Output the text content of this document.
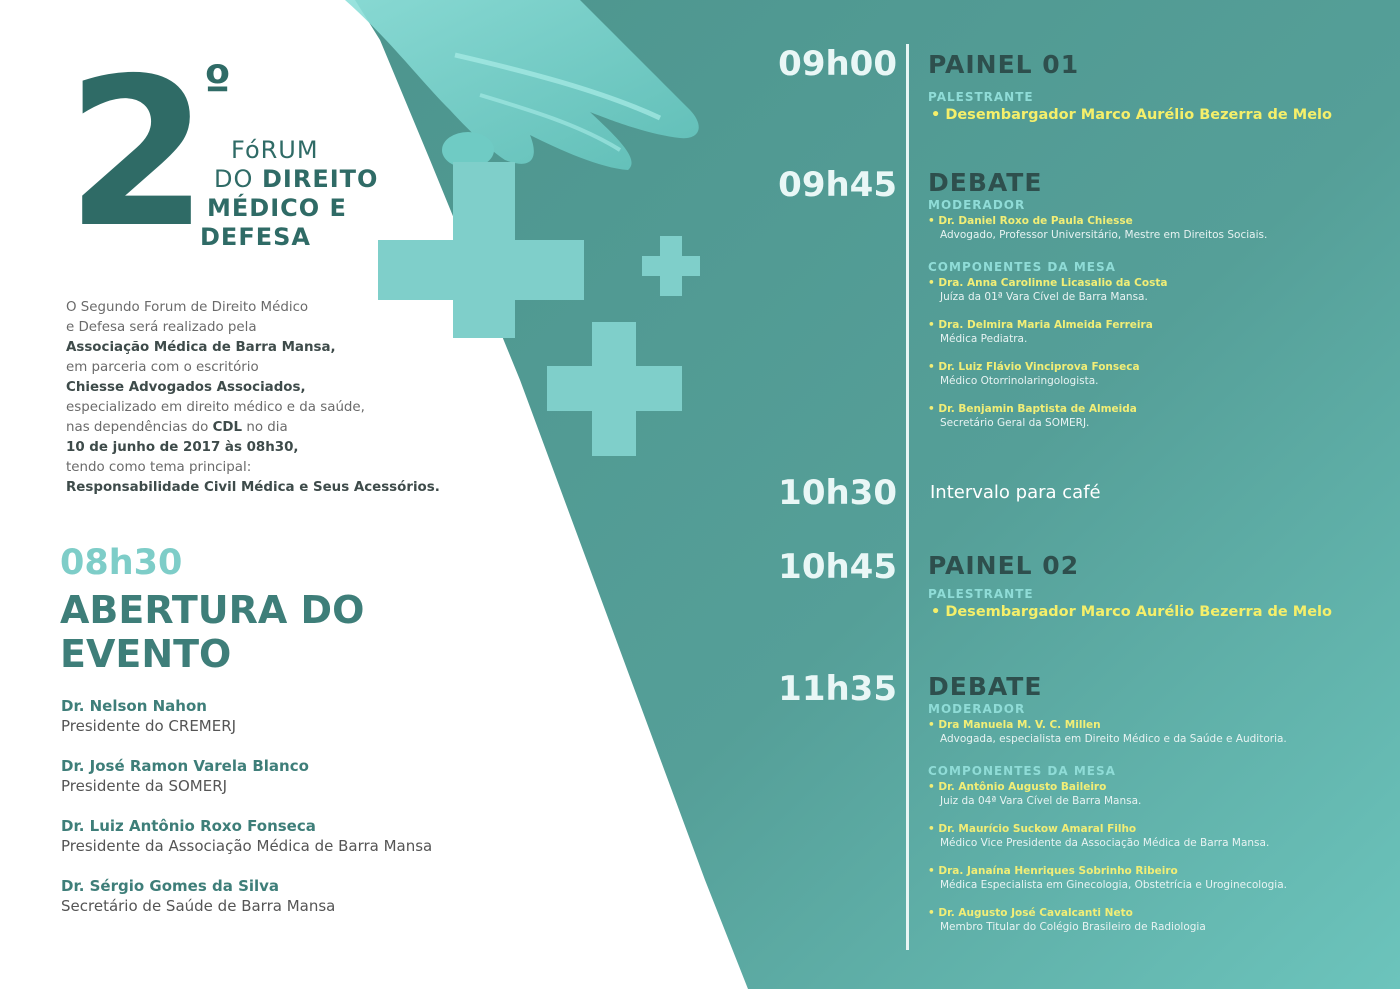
2 º
FóRUM
DO DIREITO
MÉDICO E
DEFESA
O Segundo Forum de Direito Médico
e Defesa será realizado pela
Associação Médica de Barra Mansa,
em parceria com o escritório
Chiesse Advogados Associados,
especializado em direito médico e da saúde,
nas dependências do CDL no dia
10 de junho de 2017 às 08h30,
tendo como tema principal:
Responsabilidade Civil Médica e Seus Acessórios.
08h30
ABERTURA DO
EVENTO
Dr. Nelson Nahon
Presidente do CREMERJ
Dr. José Ramon Varela Blanco
Presidente da SOMERJ
Dr. Luiz Antônio Roxo Fonseca
Presidente da Associação Médica de Barra Mansa
Dr. Sérgio Gomes da Silva
Secretário de Saúde de Barra Mansa
09h00 PAINEL 01
PALESTRANTE
• Desembargador Marco Aurélio Bezerra de Melo
09h45 DEBATE
MODERADOR
• Dr. Daniel Roxo de Paula Chiesse
Advogado, Professor Universitário, Mestre em Direitos Sociais.
COMPONENTES DA MESA
• Dra. Anna Carolinne Licasalio da Costa
Juíza da 01ª Vara Cível de Barra Mansa.
• Dra. Delmira Maria Almeida Ferreira
Médica Pediatra.
• Dr. Luiz Flávio Vinciprova Fonseca
Médico Otorrinolaringologista.
• Dr. Benjamin Baptista de Almeida
Secretário Geral da SOMERJ.
10h30 Intervalo para café
10h45 PAINEL 02
PALESTRANTE
• Desembargador Marco Aurélio Bezerra de Melo
11h35 DEBATE
MODERADOR
• Dra Manuela M. V. C. Millen
Advogada, especialista em Direito Médico e da Saúde e Auditoria.
COMPONENTES DA MESA
• Dr. Antônio Augusto Baileiro
Juiz da 04ª Vara Cível de Barra Mansa.
• Dr. Maurício Suckow Amaral Filho
Médico Vice Presidente da Associação Médica de Barra Mansa.
• Dra. Janaína Henriques Sobrinho Ribeiro
Médica Especialista em Ginecologia, Obstetrícia e Uroginecologia.
• Dr. Augusto José Cavalcanti Neto
Membro Titular do Colégio Brasileiro de Radiologia
